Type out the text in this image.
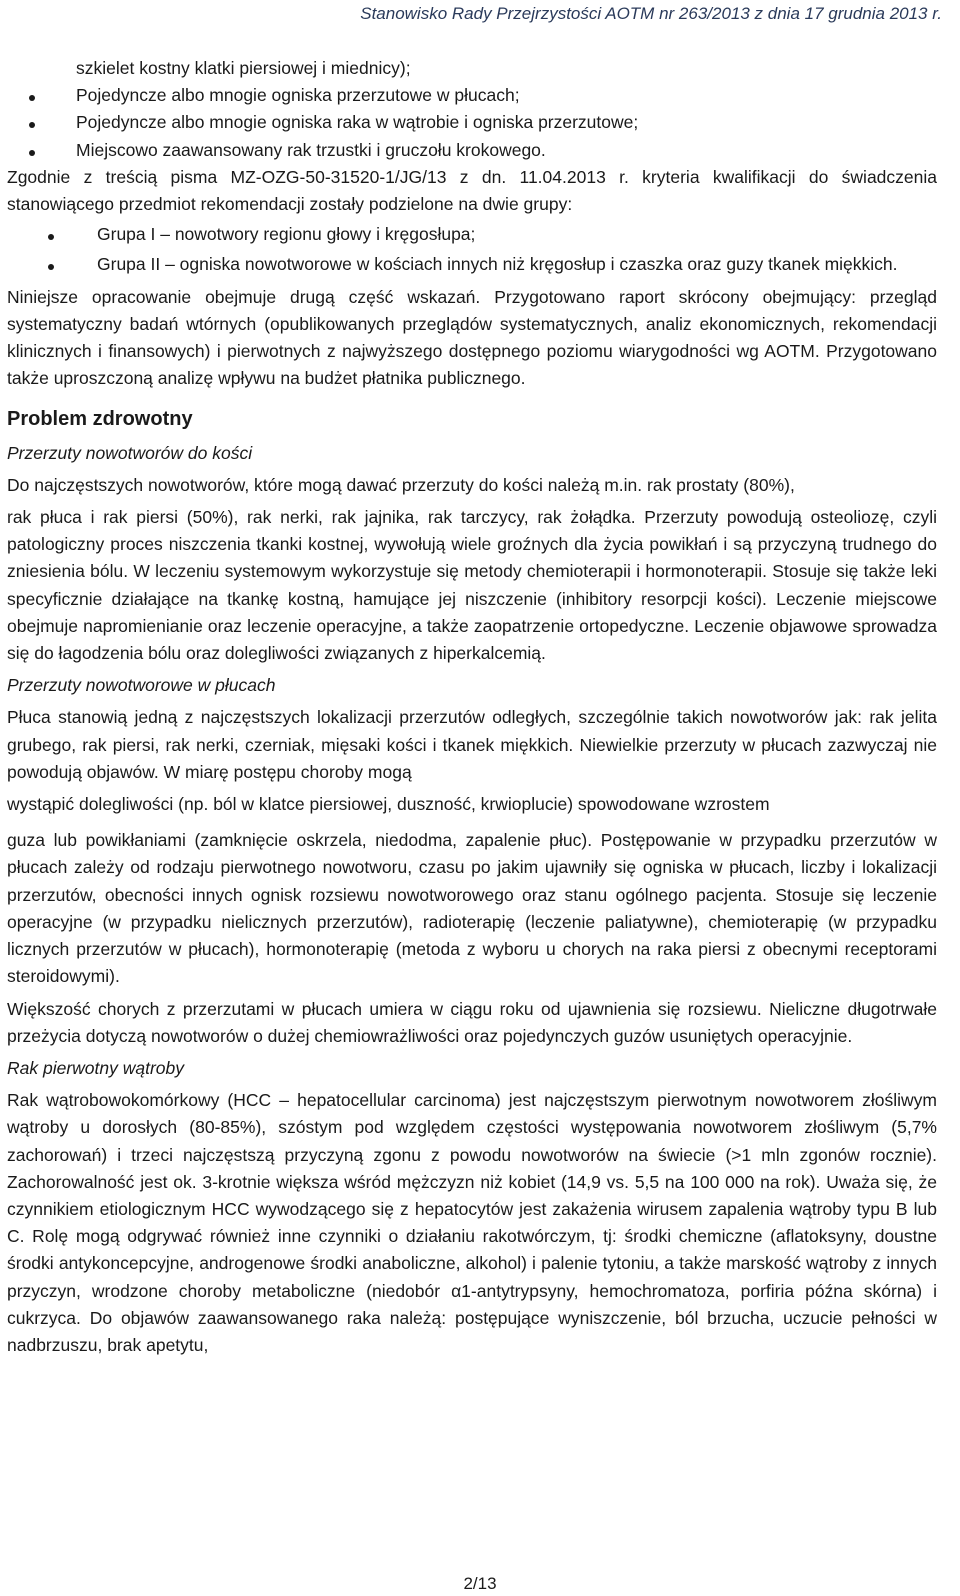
Stanowisko Rady Przejrzystości AOTM nr 263/2013 z dnia 17 grudnia 2013 r.
szkielet kostny klatki piersiowej i miednicy);
Pojedyncze albo mnogie ogniska przerzutowe w płucach;
Pojedyncze albo mnogie ogniska raka w wątrobie i ogniska przerzutowe;
Miejscowo zaawansowany rak trzustki i gruczołu krokowego.

Zgodnie z treścią pisma MZ-OZG-50-31520-1/JG/13 z dn. 11.04.2013 r. kryteria kwalifikacji do świadczenia stanowiącego przedmiot rekomendacji zostały podzielone na dwie grupy:

Grupa I – nowotwory regionu głowy i kręgosłupa;
Grupa II – ogniska nowotworowe w kościach innych niż kręgosłup i czaszka oraz guzy tkanek miękkich.

Niniejsze opracowanie obejmuje drugą część wskazań. Przygotowano raport skrócony obejmujący: przegląd systematyczny badań wtórnych (opublikowanych przeglądów systematycznych, analiz ekonomicznych, rekomendacji klinicznych i finansowych) i pierwotnych z najwyższego dostępnego poziomu wiarygodności wg AOTM. Przygotowano także uproszczoną analizę wpływu na budżet płatnika publicznego.

Problem zdrowotny
Przerzuty nowotworów do kości

Do najczęstszych nowotworów, które mogą dawać przerzuty do kości należą m.in. rak prostaty (80%),

rak płuca i rak piersi (50%), rak nerki, rak jajnika, rak tarczycy, rak żołądka. Przerzuty powodują osteoliozę, czyli patologiczny proces niszczenia tkanki kostnej, wywołują wiele groźnych dla życia powikłań i są przyczyną trudnego do zniesienia bólu. W leczeniu systemowym wykorzystuje się metody chemioterapii i hormonoterapii. Stosuje się także leki specyficznie działające na tkankę kostną, hamujące jej niszczenie (inhibitory resorpcji kości). Leczenie miejscowe obejmuje napromienianie oraz leczenie operacyjne, a także zaopatrzenie ortopedyczne. Leczenie objawowe sprowadza się do łagodzenia bólu oraz dolegliwości związanych z hiperkalcemią.

Przerzuty nowotworowe w płucach

Płuca stanowią jedną z najczęstszych lokalizacji przerzutów odległych, szczególnie takich nowotworów jak: rak jelita grubego, rak piersi, rak nerki, czerniak, mięsaki kości i tkanek miękkich. Niewielkie przerzuty w płucach zazwyczaj nie powodują objawów. W miarę postępu choroby mogą

wystąpić dolegliwości (np. ból w klatce piersiowej, duszność, krwioplucie) spowodowane wzrostem

guza lub powikłaniami (zamknięcie oskrzela, niedodma, zapalenie płuc). Postępowanie w przypadku przerzutów w płucach zależy od rodzaju pierwotnego nowotworu, czasu po jakim ujawniły się ogniska w płucach, liczby i lokalizacji przerzutów, obecności innych ognisk rozsiewu nowotworowego oraz stanu ogólnego pacjenta. Stosuje się leczenie operacyjne (w przypadku nielicznych przerzutów), radioterapię (leczenie paliatywne), chemioterapię (w przypadku licznych przerzutów w płucach), hormonoterapię (metoda z wyboru u chorych na raka piersi z obecnymi receptorami steroidowymi).

Większość chorych z przerzutami w płucach umiera w ciągu roku od ujawnienia się rozsiewu. Nieliczne długotrwałe przeżycia dotyczą nowotworów o dużej chemiowrażliwości oraz pojedynczych guzów usuniętych operacyjnie.

Rak pierwotny wątroby

Rak wątrobowokomórkowy (HCC – hepatocellular carcinoma) jest najczęstszym pierwotnym nowotworem złośliwym wątroby u dorosłych (80-85%), szóstym pod względem częstości występowania nowotworem złośliwym (5,7% zachorowań) i trzeci najczęstszą przyczyną zgonu z powodu nowotworów na świecie (>1 mln zgonów rocznie). Zachorowalność jest ok. 3-krotnie większa wśród mężczyzn niż kobiet (14,9 vs. 5,5 na 100 000 na rok). Uważa się, że czynnikiem etiologicznym HCC wywodzącego się z hepatocytów jest zakażenia wirusem zapalenia wątroby typu B lub C. Rolę mogą odgrywać również inne czynniki o działaniu rakotwórczym, tj: środki chemiczne (aflatoksyny, doustne środki antykoncepcyjne, androgenowe środki anaboliczne, alkohol) i palenie tytoniu, a także marskość wątroby z innych przyczyn, wrodzone choroby metaboliczne (niedobór α1-antytrypsyny, hemochromatoza, porfiria późna skórna) i cukrzyca. Do objawów zaawansowanego raka należą: postępujące wyniszczenie, ból brzucha, uczucie pełności w nadbrzuszu, brak apetytu,

2/13
